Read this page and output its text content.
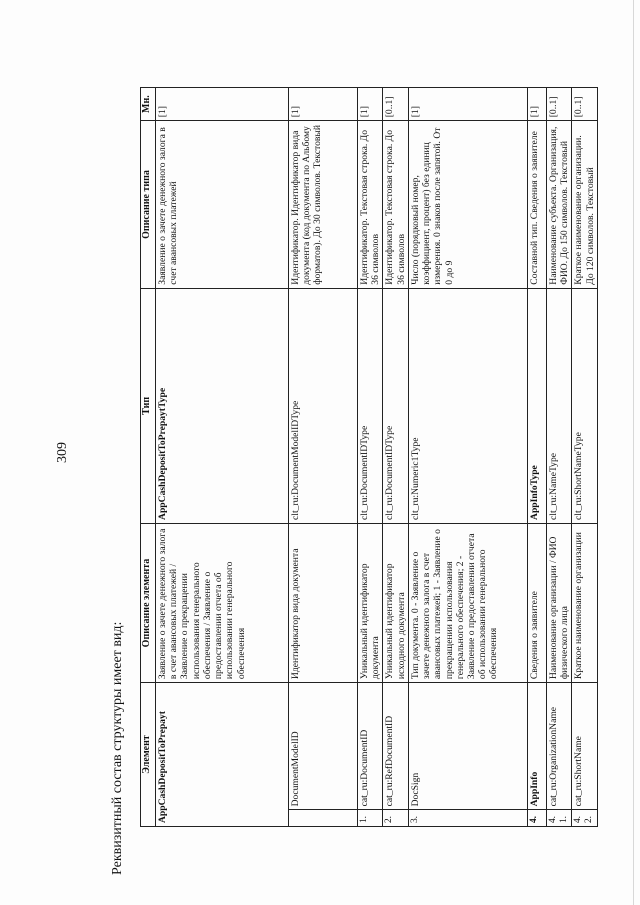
309
Реквизитный состав структуры имеет вид: Элемент		Описание элемента	Тип	Описание типа	Мн.
AppCashDepositToPrepayt		Заявление о зачете денежного залога в счет авансовых платежей / Заявление о прекращении использования генерального обеспечения / Заявление о предоставлении отчета об использовании генерального обеспечения	AppCashDepositToPrepaytType	Заявление о зачете денежного залога в счет авансовых платежей	[1]
	DocumentModelID	Идентификатор вида документа	clt_ru:DocumentModelIDType	Идентификатор. Идентификатор вида документа (код документа по Альбому форматов). До 30 символов. Текстовый	[1]
1.	cat_ru:DocumentID	Уникальный идентификатор документа	clt_ru:DocumentIDType	Идентификатор. Текстовая строка. До 36 символов	[1]
2.	cat_ru:RefDocumentID	Уникальный идентификатор исходного документа	clt_ru:DocumentIDType	Идентификатор. Текстовая строка. До 36 символов	[0..1]
3.	DocSign	Тип документа. 0 - Заявление о зачете денежного залога в счет авансовых платежей; 1 - Заявление о прекращении использования генерального обеспечения; 2 - Заявление о предоставлении отчета об использовании генерального обеспечения	clt_ru:Numeric1Type	Число (порядковый номер, коэффициент, процент) без единиц измерения. 0 знаков после запятой. От 0 до 9	[1]
4.	AppInfo	Сведения о заявителе	AppInfoType	Составной тип. Сведения о заявителе	[1]
4.1.	cat_ru:OrganizationName	Наименование организации / ФИО физического лица	clt_ru:NameType	Наименование субъекта. Организация, ФИО. До 150 символов. Текстовый	[0..1]
4.2.	cat_ru:ShortName	Краткое наименование организации	clt_ru:ShortNameType	Краткое наименование организации. До 120 символов. Текстовый	[0..1]
